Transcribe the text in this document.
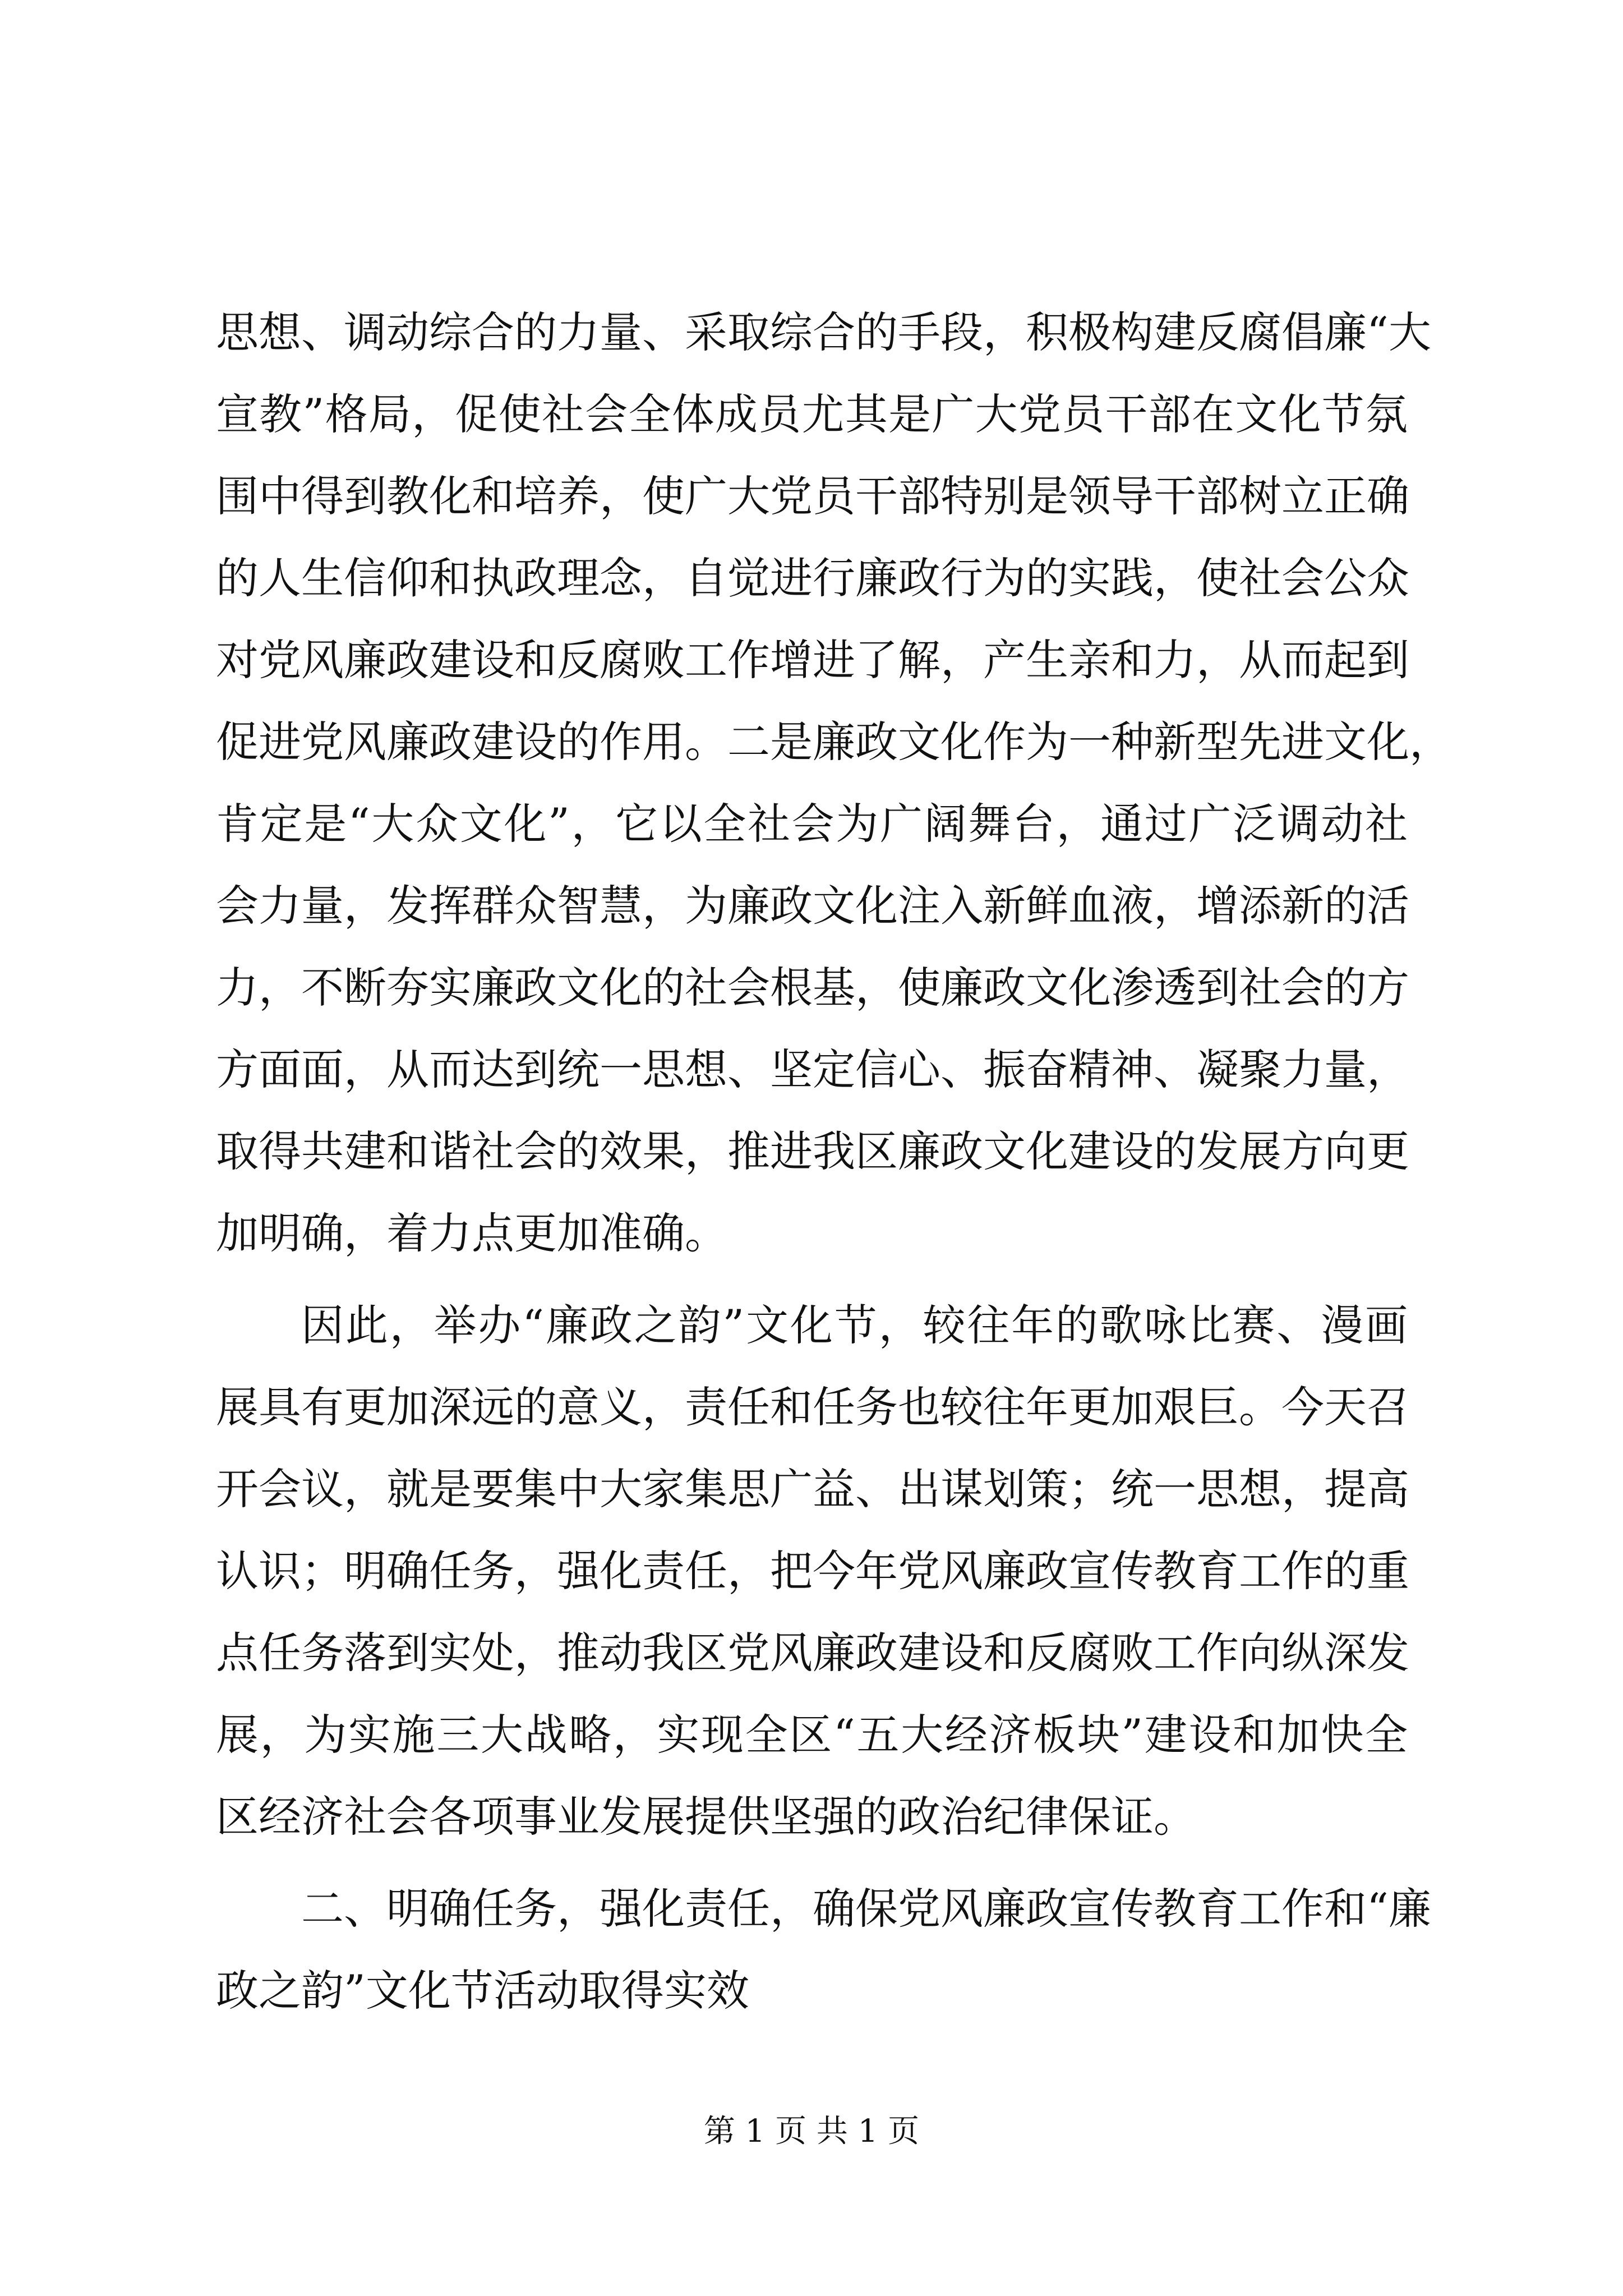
思想、调动综合的力量、采取综合的手段，积极构建反腐倡廉“大
宣教”格局，促使社会全体成员尤其是广大党员干部在文化节氛
围中得到教化和培养，使广大党员干部特别是领导干部树立正确
的人生信仰和执政理念，自觉进行廉政行为的实践，使社会公众
对党风廉政建设和反腐败工作增进了解，产生亲和力，从而起到
促进党风廉政建设的作用。二是廉政文化作为一种新型先进文化，
肯定是“大众文化”，它以全社会为广阔舞台，通过广泛调动社
会力量，发挥群众智慧，为廉政文化注入新鲜血液，增添新的活
力，不断夯实廉政文化的社会根基，使廉政文化渗透到社会的方
方面面，从而达到统一思想、坚定信心、振奋精神、凝聚力量，
取得共建和谐社会的效果，推进我区廉政文化建设的发展方向更
加明确，着力点更加准确。
因此，举办“廉政之韵”文化节，较往年的歌咏比赛、漫画
展具有更加深远的意义，责任和任务也较往年更加艰巨。今天召
开会议，就是要集中大家集思广益、出谋划策；统一思想，提高
认识；明确任务，强化责任，把今年党风廉政宣传教育工作的重
点任务落到实处，推动我区党风廉政建设和反腐败工作向纵深发
展，为实施三大战略，实现全区“五大经济板块”建设和加快全
区经济社会各项事业发展提供坚强的政治纪律保证。
二、明确任务，强化责任，确保党风廉政宣传教育工作和“廉
政之韵”文化节活动取得实效
第 1 页 共 1 页
